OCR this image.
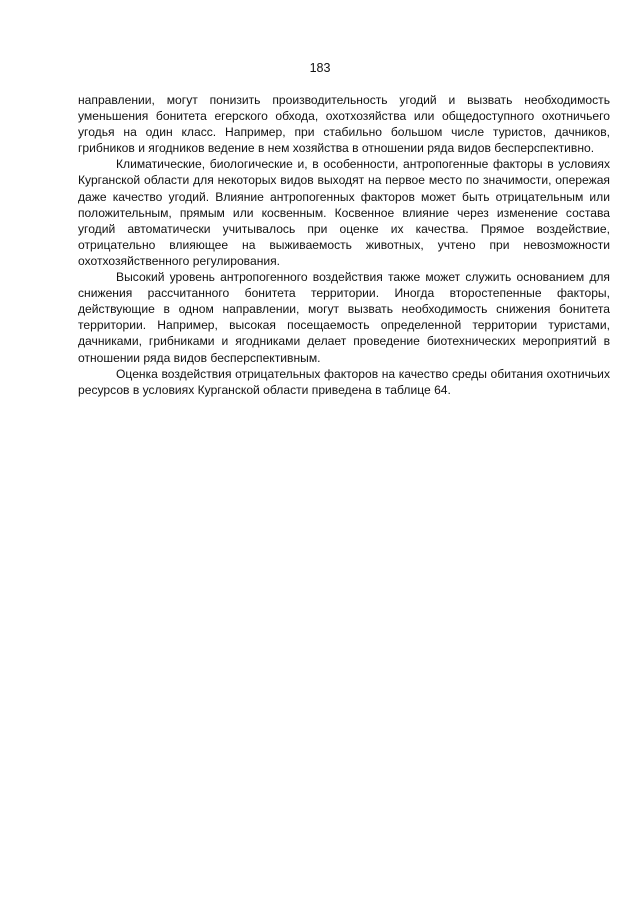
183

направлении, могут понизить производительность угодий и вызвать необходимость уменьшения бонитета егерского обхода, охотхозяйства или общедоступного охотничьего угодья на один класс. Например, при стабильно большом числе туристов, дачников, грибников и ягодников ведение в нем хозяйства в отношении ряда видов бесперспективно.

Климатические, биологические и, в особенности, антропогенные факторы в условиях Курганской области для некоторых видов выходят на первое место по значимости, опережая даже качество угодий. Влияние антропогенных факторов может быть отрицательным или положительным, прямым или косвенным. Косвенное влияние через изменение состава угодий автоматически учитывалось при оценке их качества. Прямое воздействие, отрицательно влияющее на выживаемость животных, учтено при невозможности охотхозяйственного регулирования.

Высокий уровень антропогенного воздействия также может служить основанием для снижения рассчитанного бонитета территории. Иногда второстепенные факторы, действующие в одном направлении, могут вызвать необходимость снижения бонитета территории. Например, высокая посещаемость определенной территории туристами, дачниками, грибниками и ягодниками делает проведение биотехнических мероприятий в отношении ряда видов бесперспективным.

Оценка воздействия отрицательных факторов на качество среды обитания охотничьих ресурсов в условиях Курганской области приведена в таблице 64.
